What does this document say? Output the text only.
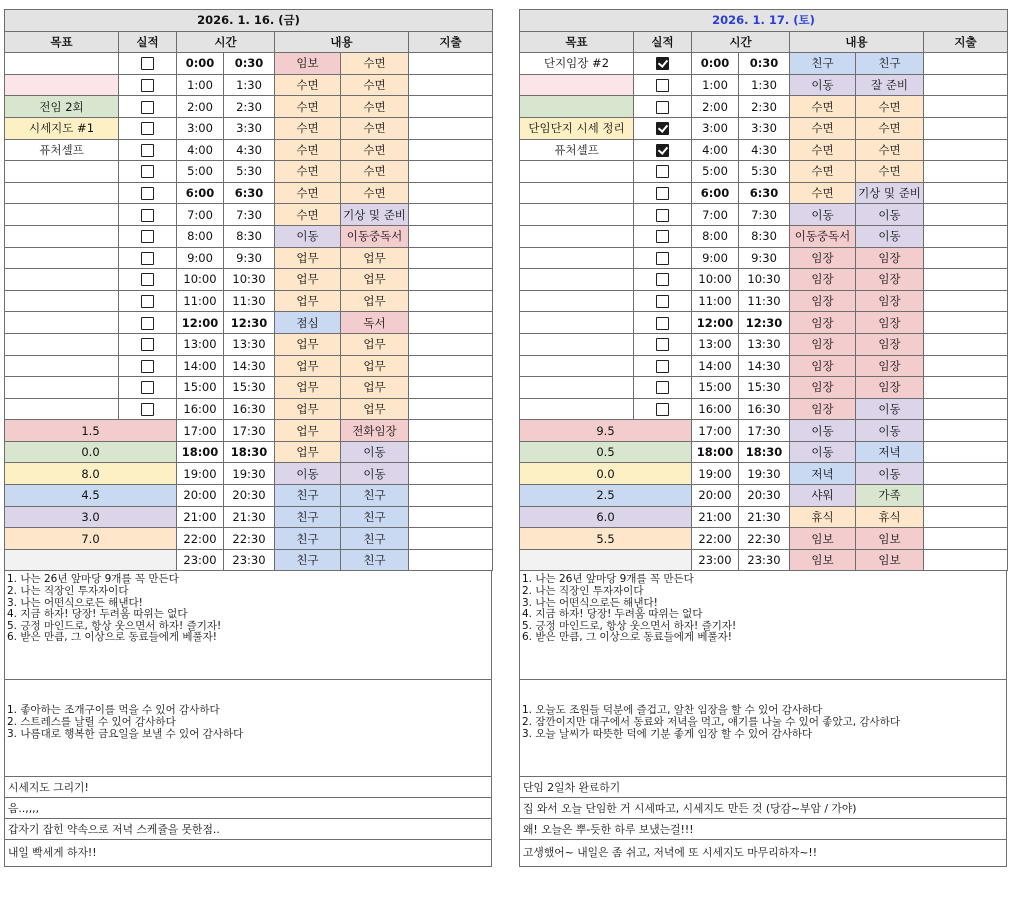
2026. 1. 16. (금)						
목표	실적	시간		내용		지출
		0:00	0:30	임보	수면	
		1:00	1:30	수면	수면	
전임 2회		2:00	2:30	수면	수면	
시세지도 #1		3:00	3:30	수면	수면	
퓨처셀프		4:00	4:30	수면	수면	
		5:00	5:30	수면	수면	
		6:00	6:30	수면	수면	
		7:00	7:30	수면	기상 및 준비	
		8:00	8:30	이동	이동중독서	
		9:00	9:30	업무	업무	
		10:00	10:30	업무	업무	
		11:00	11:30	업무	업무	
		12:00	12:30	점심	독서	
		13:00	13:30	업무	업무	
		14:00	14:30	업무	업무	
		15:00	15:30	업무	업무	
		16:00	16:30	업무	업무	
1.5		17:00	17:30	업무	전화임장	
0.0		18:00	18:30	업무	이동	
8.0		19:00	19:30	이동	이동	
4.5		20:00	20:30	친구	친구	
3.0		21:00	21:30	친구	친구	
7.0		22:00	22:30	친구	친구	
		23:00	23:30	친구	친구	
1. 나는 26년 앞마당 9개를 꼭 만든다
2. 나는 직장인 투자자이다
3. 나는 어떤식으로든 해낸다!
4. 지금 하자! 당장! 두려움 따위는 없다
5. 긍정 마인드로, 항상 웃으면서 하자! 즐기자!
6. 받은 만큼, 그 이상으로 동료들에게 베풀자!
1. 좋아하는 조개구이를 먹을 수 있어 감사하다
2. 스트레스를 날릴 수 있어 감사하다
3. 나름대로 행복한 금요일을 보낼 수 있어 감사하다
시세지도 그리기!
음..,,,,
갑자기 잡힌 약속으로 저녁 스케쥴을 못한점..
내일 빡세게 하자!!
2026. 1. 17. (토)						
목표	실적	시간		내용		지출
단지임장 #2		0:00	0:30	친구	친구	
		1:00	1:30	이동	잘 준비	
		2:00	2:30	수면	수면	
단임단지 시세 정리		3:00	3:30	수면	수면	
퓨처셀프		4:00	4:30	수면	수면	
		5:00	5:30	수면	수면	
		6:00	6:30	수면	기상 및 준비	
		7:00	7:30	이동	이동	
		8:00	8:30	이동중독서	이동	
		9:00	9:30	임장	임장	
		10:00	10:30	임장	임장	
		11:00	11:30	임장	임장	
		12:00	12:30	임장	임장	
		13:00	13:30	임장	임장	
		14:00	14:30	임장	임장	
		15:00	15:30	임장	임장	
		16:00	16:30	임장	이동	
9.5		17:00	17:30	이동	이동	
0.5		18:00	18:30	이동	저녁	
0.0		19:00	19:30	저녁	이동	
2.5		20:00	20:30	샤워	가족	
6.0		21:00	21:30	휴식	휴식	
5.5		22:00	22:30	임보	임보	
		23:00	23:30	임보	임보	
1. 나는 26년 앞마당 9개를 꼭 만든다
2. 나는 직장인 투자자이다
3. 나는 어떤식으로든 해낸다!
4. 지금 하자! 당장! 두려움 따위는 없다
5. 긍정 마인드로, 항상 웃으면서 하자! 즐기자!
6. 받은 만큼, 그 이상으로 동료들에게 베풀자!
1. 오늘도 조원들 덕분에 즐겁고, 알찬 임장을 할 수 있어 감사하다
2. 잠깐이지만 대구에서 동료와 저녁을 먹고, 얘기를 나눌 수 있어 좋았고, 감사하다
3. 오늘 날씨가 따뜻한 덕에 기분 좋게 임장 할 수 있어 감사하다
단임 2일차 완료하기
집 와서 오늘 단임한 거 시세따고, 시세지도 만든 것 (당감~부암 / 가야)
왜! 오늘은 뿌-듯한 하루 보냈는걸!!!
고생했어~ 내일은 좀 쉬고, 저녁에 또 시세지도 마무리하자~!!
